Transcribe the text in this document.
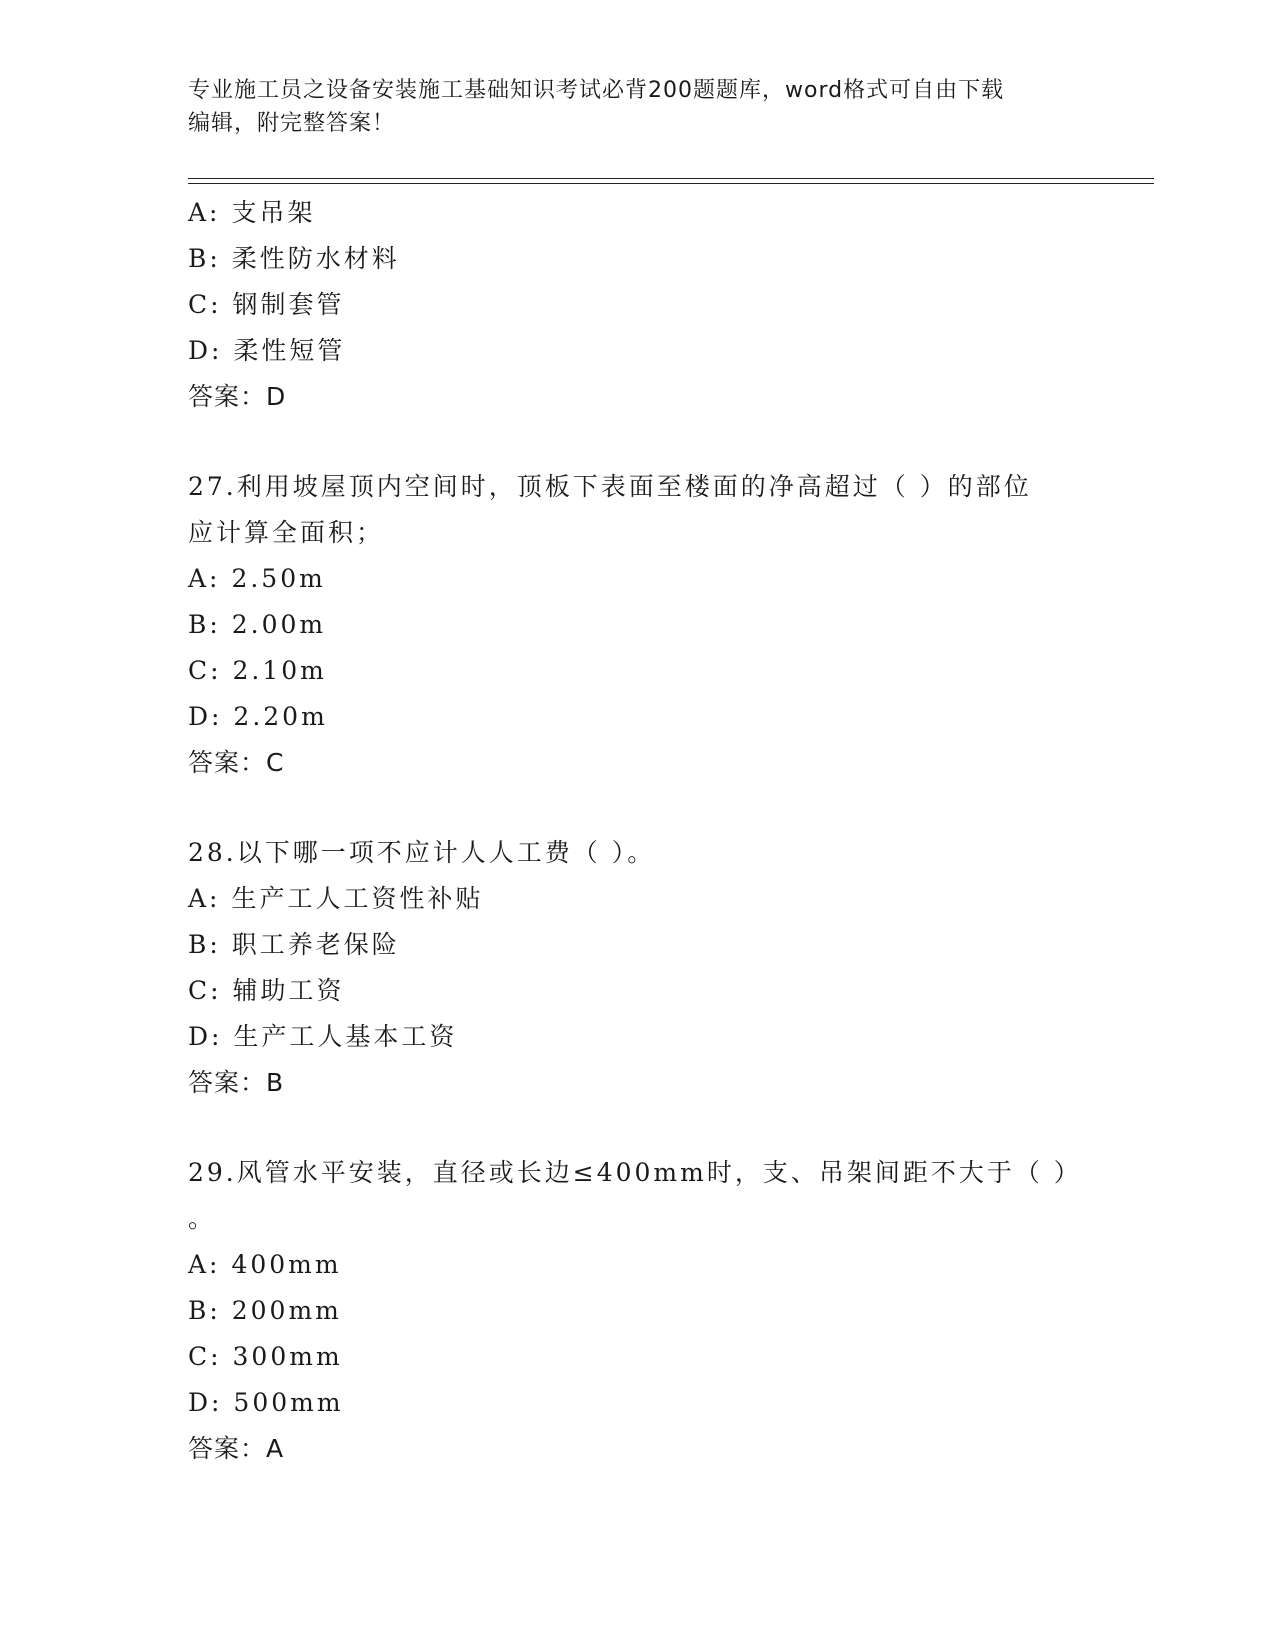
专业施工员之设备安装施工基础知识考试必背200题题库，word格式可自由下载
编辑，附完整答案！
A: 支吊架
B: 柔性防水材料
C: 钢制套管
D: 柔性短管
答案：D
27.利用坡屋顶内空间时，顶板下表面至楼面的净高超过（ ）的部位
应计算全面积；
A: 2.50m
B: 2.00m
C: 2.10m
D: 2.20m
答案：C
28.以下哪一项不应计人人工费（ ）。
A: 生产工人工资性补贴
B: 职工养老保险
C: 辅助工资
D: 生产工人基本工资
答案：B
29.风管水平安装，直径或长边≤400mm时，支、吊架间距不大于（ ）
。
A: 400mm
B: 200mm
C: 300mm
D: 500mm
答案：A
